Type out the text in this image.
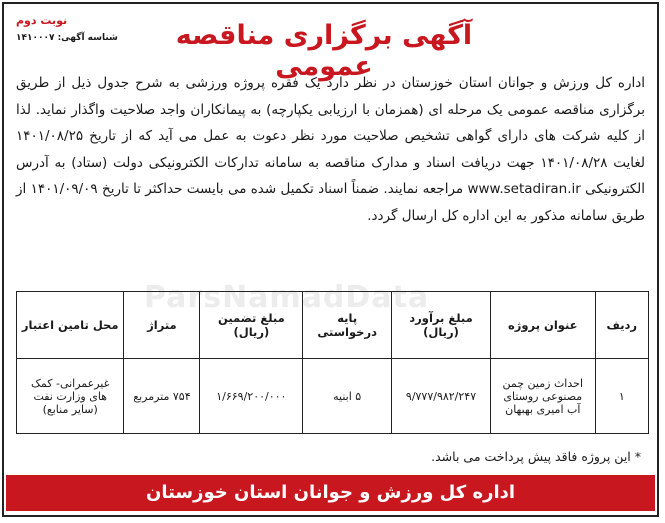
نوبت دوم
شناسه آگهی: ۱۴۱۰۰۰۷	آگهی برگزاری مناقصه عمومی
اداره کل ورزش و جوانان استان خوزستان در نظر دارد یک فقره پروژه ورزشی به شرح جدول ذیل از طریق برگزاری مناقصه عمومی یک مرحله ای (همزمان با ارزیابی یکپارچه) به پیمانکاران واجد صلاحیت واگذار نماید. لذا از کلیه شرکت های دارای گواهی تشخیص صلاحیت مورد نظر دعوت به عمل می آید که از تاریخ ۱۴۰۱/۰۸/۲۵ لغایت ۱۴۰۱/۰۸/۲۸ جهت دریافت اسناد و مدارک مناقصه به سامانه تدارکات الکترونیکی دولت (ستاد) به آدرس الکترونیکی www.setadiran.ir مراجعه نمایند. ضمناً اسناد تکمیل شده می بایست حداکثر تا تاریخ ۱۴۰۱/۰۹/۰۹ از طریق سامانه مذکور به این اداره کل ارسال گردد.
ParsNamadData
ردیف	عنوان پروژه	مبلغ برآورد (ریال)	پایه درخواستی	مبلغ تضمین (ریال)	متراژ	محل تامین اعتبار
۱	احداث زمین چمن مصنوعی روستای آب امیری بهبهان	۹/۷۷۷/۹۸۲/۲۴۷	۵ ابنیه	۱/۶۶۹/۲۰۰/۰۰۰	۷۵۴ مترمربع	غیرعمرانی- کمک های وزارت نفت (سایر منابع)
* این پروژه فاقد پیش پرداخت می باشد.
اداره کل ورزش و جوانان استان خوزستان
